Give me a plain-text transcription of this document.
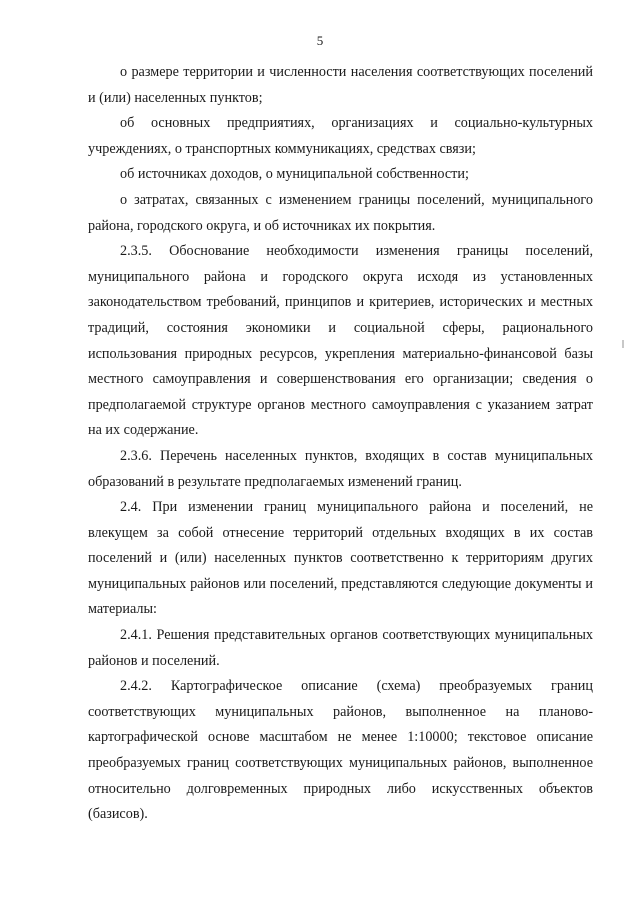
5

о размере территории и численности населения соответствующих поселений и (или) населенных пунктов;

об основных предприятиях, организациях и социально-культурных учреждениях, о транспортных коммуникациях, средствах связи;

об источниках доходов, о муниципальной собственности;

о затратах, связанных с изменением границы поселений, муниципального района, городского округа, и об источниках их покрытия.

2.3.5. Обоснование необходимости изменения границы поселений, муниципального района и городского округа исходя из установленных законодательством требований, принципов и критериев, исторических и местных традиций, состояния экономики и социальной сферы, рационального использования природных ресурсов, укрепления материально-финансовой базы местного самоуправления и совершенствования его организации; сведения о предполагаемой структуре органов местного самоуправления с указанием затрат на их содержание.

2.3.6. Перечень населенных пунктов, входящих в состав муниципальных образований в результате предполагаемых изменений границ.

2.4. При изменении границ муниципального района и поселений, не влекущем за собой отнесение территорий отдельных входящих в их состав поселений и (или) населенных пунктов соответственно к территориям других муниципальных районов или поселений, представляются следующие документы и материалы:

2.4.1. Решения представительных органов соответствующих муниципальных районов и поселений.

2.4.2. Картографическое описание (схема) преобразуемых границ соответствующих муниципальных районов, выполненное на планово-картографической основе масштабом не менее 1:10000; текстовое описание преобразуемых границ соответствующих муниципальных районов, выполненное относительно долговременных природных либо искусственных объектов (базисов).
